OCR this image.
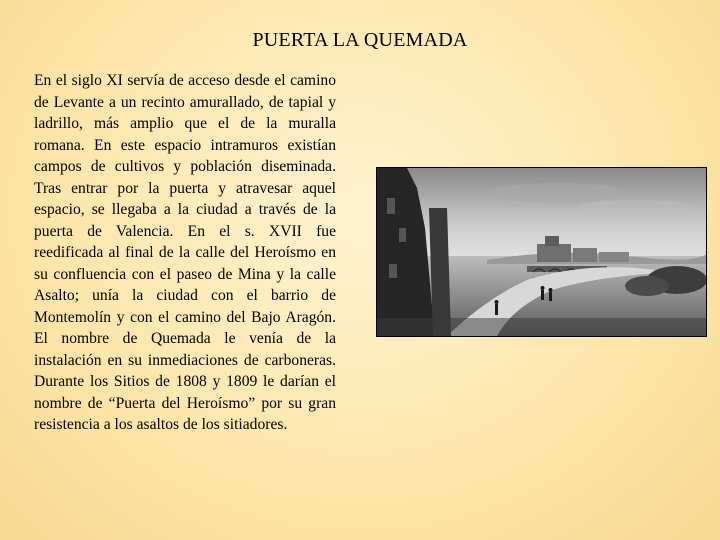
PUERTA LA QUEMADA

En el siglo XI servía de acceso desde el camino de Levante a un recinto amurallado, de tapial y ladrillo, más amplio que el de la muralla romana. En este espacio intramuros existían campos de cultivos y población diseminada. Tras entrar por la puerta y atravesar aquel espacio, se llegaba a la ciudad a través de la puerta de Valencia. En el s. XVII fue reedificada al final de la calle del Heroísmo en su confluencia con el paseo de Mina y la calle Asalto; unía la ciudad con el barrio de Montemolín y con el camino del Bajo Aragón. El nombre de Quemada le venía de la instalación en su inmediaciones de carboneras. Durante los Sitios de 1808 y 1809 le darían el nombre de “Puerta del Heroísmo” por su gran resistencia a los asaltos de los sitiadores.
